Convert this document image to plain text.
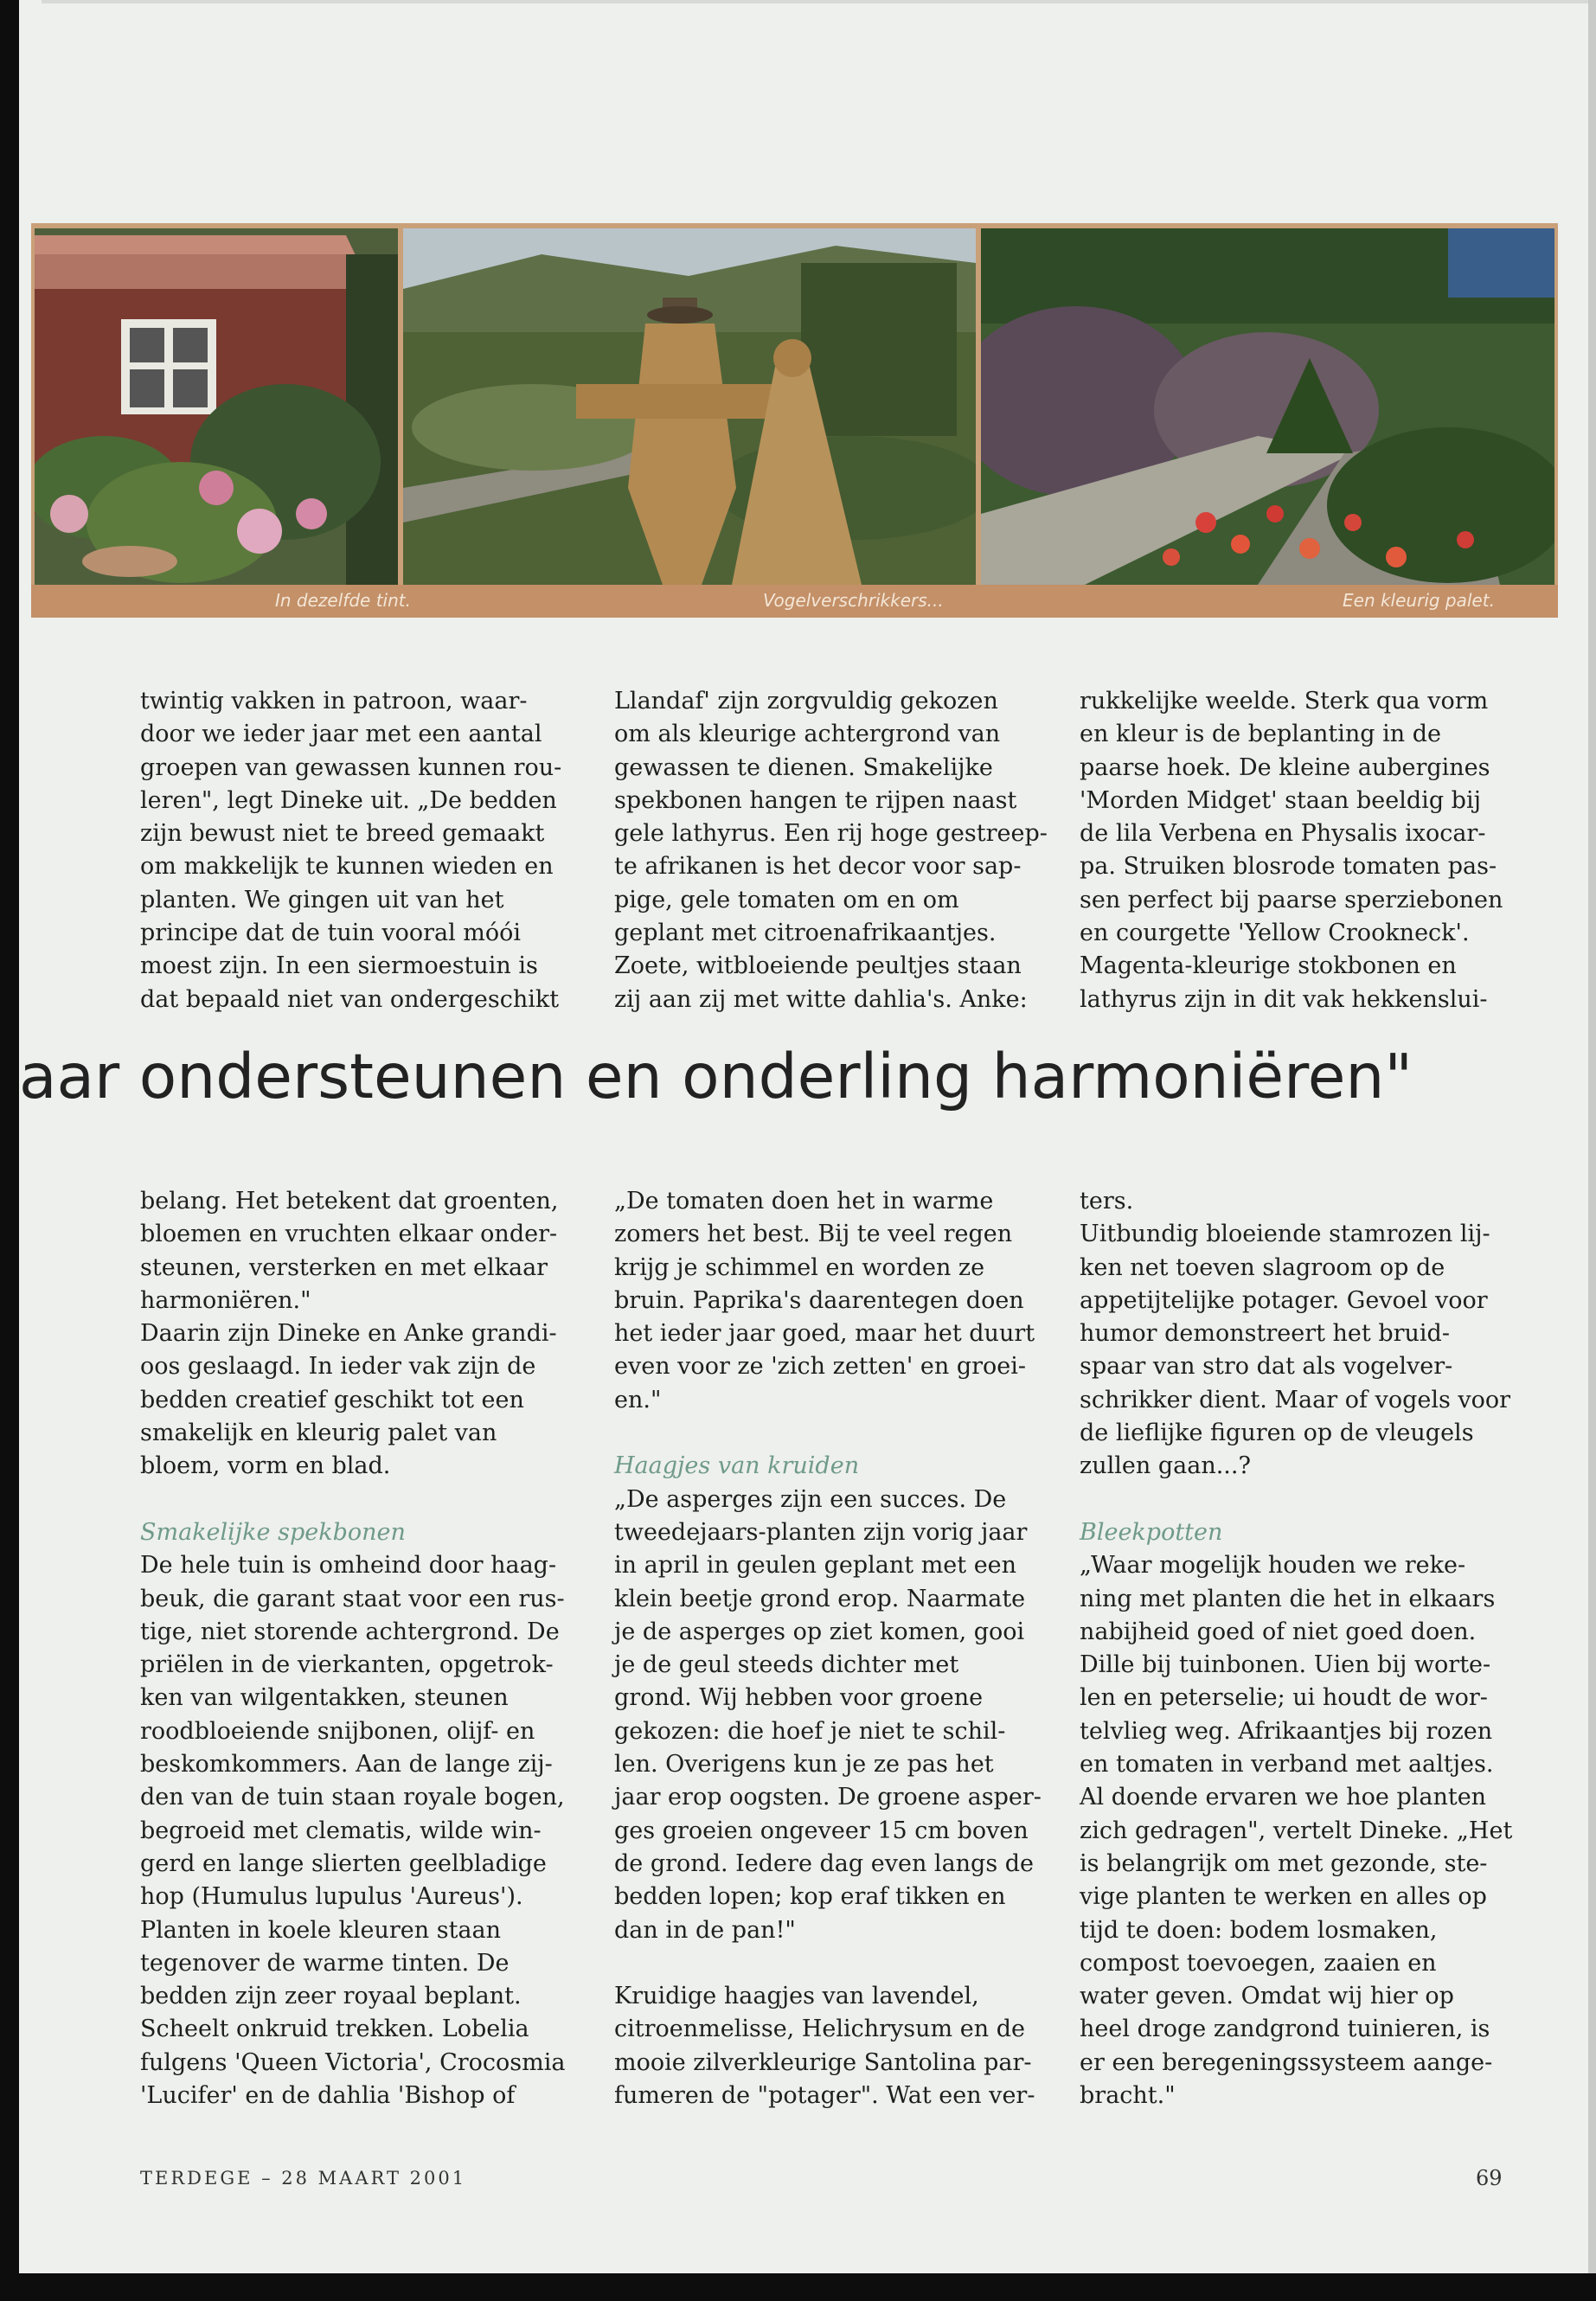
In dezelfde tint.	Vogelverschrikkers...	Een kleurig palet.

twintig vakken in patroon, waar-

door we ieder jaar met een aantal

groepen van gewassen kunnen rou-

leren", legt Dineke uit. „De bedden

zijn bewust niet te breed gemaakt

om makkelijk te kunnen wieden en

planten. We gingen uit van het

principe dat de tuin vooral móói

moest zijn. In een siermoestuin is

dat bepaald niet van ondergeschikt

Llandaf' zijn zorgvuldig gekozen

om als kleurige achtergrond van

gewassen te dienen. Smakelijke

spekbonen hangen te rijpen naast

gele lathyrus. Een rij hoge gestreep-

te afrikanen is het decor voor sap-

pige, gele tomaten om en om

geplant met citroenafrikaantjes.

Zoete, witbloeiende peultjes staan

zij aan zij met witte dahlia's. Anke:

rukkelijke weelde. Sterk qua vorm

en kleur is de beplanting in de

paarse hoek. De kleine aubergines

'Morden Midget' staan beeldig bij

de lila Verbena en Physalis ixocar-

pa. Struiken blosrode tomaten pas-

sen perfect bij paarse sperziebonen

en courgette 'Yellow Crookneck'.

Magenta-kleurige stokbonen en

lathyrus zijn in dit vak hekkenslui-

aar ondersteunen en onderling harmoniëren"

belang. Het betekent dat groenten,

bloemen en vruchten elkaar onder-

steunen, versterken en met elkaar

harmoniëren."

Daarin zijn Dineke en Anke grandi-

oos geslaagd. In ieder vak zijn de

bedden creatief geschikt tot een

smakelijk en kleurig palet van

bloem, vorm en blad.

Smakelijke spekbonen

De hele tuin is omheind door haag-

beuk, die garant staat voor een rus-

tige, niet storende achtergrond. De

priëlen in de vierkanten, opgetrok-

ken van wilgentakken, steunen

roodbloeiende snijbonen, olijf- en

beskomkommers. Aan de lange zij-

den van de tuin staan royale bogen,

begroeid met clematis, wilde win-

gerd en lange slierten geelbladige

hop (Humulus lupulus 'Aureus').

Planten in koele kleuren staan

tegenover de warme tinten. De

bedden zijn zeer royaal beplant.

Scheelt onkruid trekken. Lobelia

fulgens 'Queen Victoria', Crocosmia

'Lucifer' en de dahlia 'Bishop of

„De tomaten doen het in warme

zomers het best. Bij te veel regen

krijg je schimmel en worden ze

bruin. Paprika's daarentegen doen

het ieder jaar goed, maar het duurt

even voor ze 'zich zetten' en groei-

en."

Haagjes van kruiden

„De asperges zijn een succes. De

tweedejaars-planten zijn vorig jaar

in april in geulen geplant met een

klein beetje grond erop. Naarmate

je de asperges op ziet komen, gooi

je de geul steeds dichter met

grond. Wij hebben voor groene

gekozen: die hoef je niet te schil-

len. Overigens kun je ze pas het

jaar erop oogsten. De groene asper-

ges groeien ongeveer 15 cm boven

de grond. Iedere dag even langs de

bedden lopen; kop eraf tikken en

dan in de pan!"

Kruidige haagjes van lavendel,

citroenmelisse, Helichrysum en de

mooie zilverkleurige Santolina par-

fumeren de "potager". Wat een ver-

ters.

Uitbundig bloeiende stamrozen lij-

ken net toeven slagroom op de

appetijtelijke potager. Gevoel voor

humor demonstreert het bruid-

spaar van stro dat als vogelver-

schrikker dient. Maar of vogels voor

de lieflijke figuren op de vleugels

zullen gaan...?

Bleekpotten

„Waar mogelijk houden we reke-

ning met planten die het in elkaars

nabijheid goed of niet goed doen.

Dille bij tuinbonen. Uien bij worte-

len en peterselie; ui houdt de wor-

telvlieg weg. Afrikaantjes bij rozen

en tomaten in verband met aaltjes.

Al doende ervaren we hoe planten

zich gedragen", vertelt Dineke. „Het

is belangrijk om met gezonde, ste-

vige planten te werken en alles op

tijd te doen: bodem losmaken,

compost toevoegen, zaaien en

water geven. Omdat wij hier op

heel droge zandgrond tuinieren, is

er een beregeningssysteem aange-

bracht."

TERDEGE – 28 MAART 2001	69
